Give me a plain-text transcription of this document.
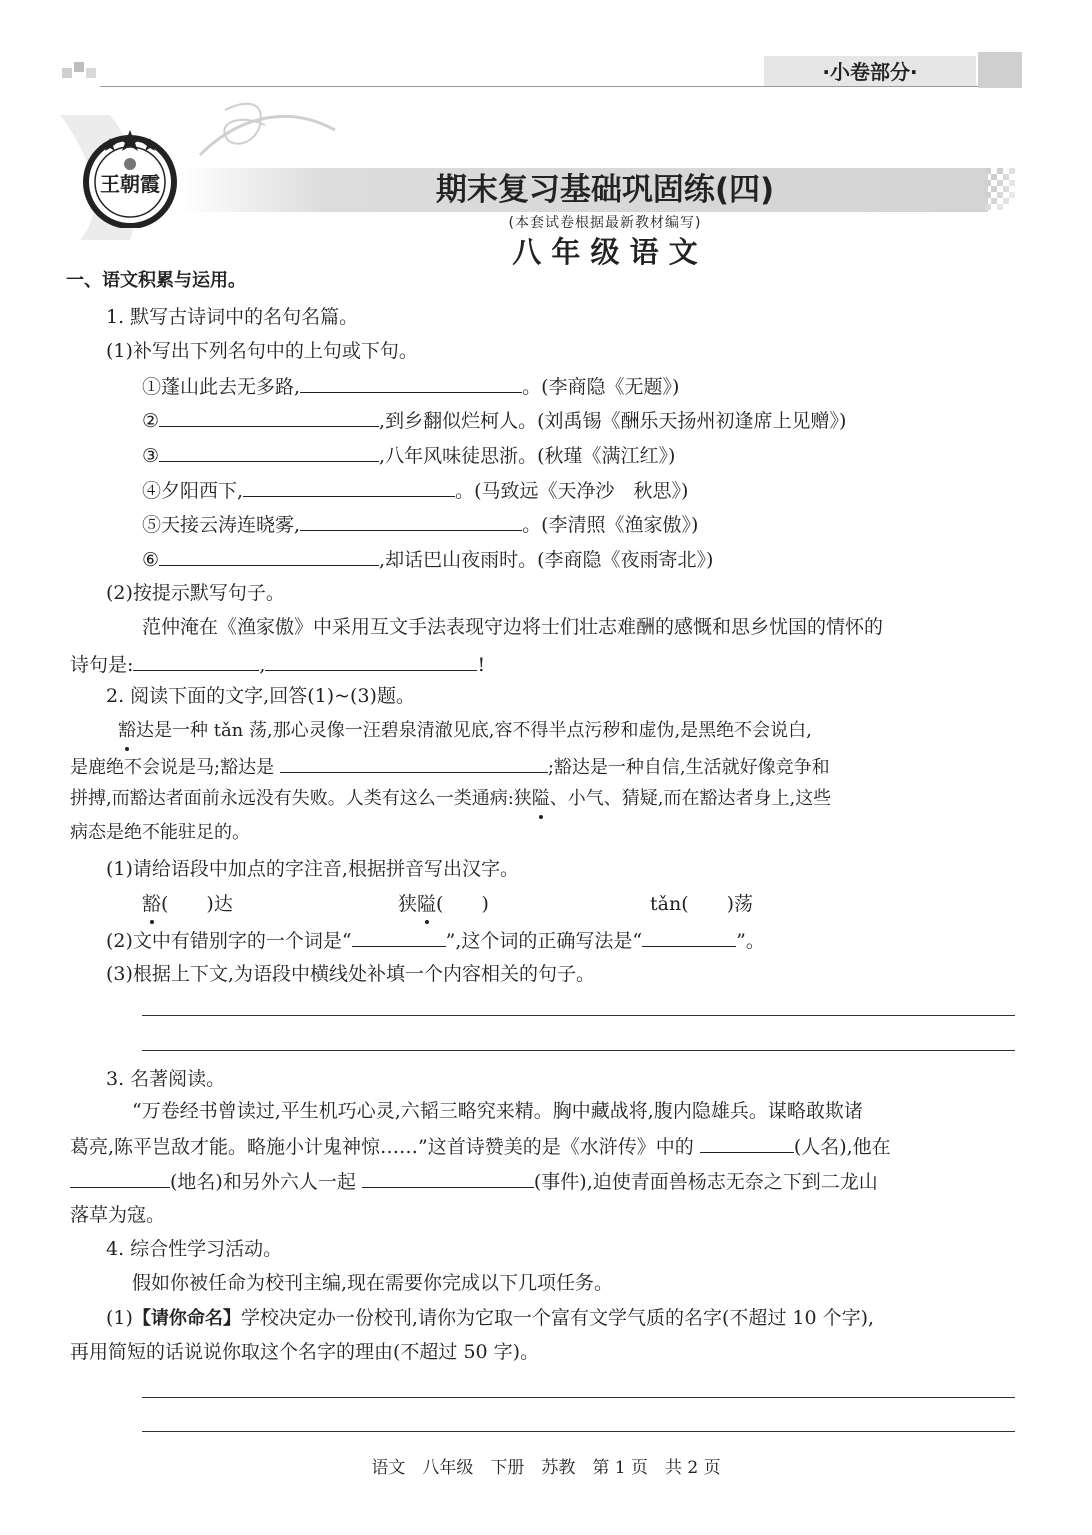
·小卷部分·
王朝霞	期末复习基础巩固练(四)
(本套试卷根据最新教材编写)
八 年 级 语 文
一、语文积累与运用。
1. 默写古诗词中的名句名篇。
(1)补写出下列名句中的上句或下句。
①蓬山此去无多路,	。(李商隐《无题》)
②	,到乡翻似烂柯人。(刘禹锡《酬乐天扬州初逢席上见赠》)
③	,八年风味徒思浙。(秋瑾《满江红》)
④夕阳西下,	。(马致远《天净沙　秋思》)
⑤天接云涛连晓雾,	。(李清照《渔家傲》)
⑥	,却话巴山夜雨时。(李商隐《夜雨寄北》)
(2)按提示默写句子。
范仲淹在《渔家傲》中采用互文手法表现守边将士们壮志难酬的感慨和思乡忧国的情怀的
诗句是:	,	!
2. 阅读下面的文字,回答(1)~(3)题。
豁达是一种 tǎn 荡,那心灵像一汪碧泉清澈见底,容不得半点污秽和虚伪,是黑绝不会说白,
是鹿绝不会说是马;豁达是	;豁达是一种自信,生活就好像竞争和
拼搏,而豁达者面前永远没有失败。人类有这么一类通病:狭隘、小气、猜疑,而在豁达者身上,这些
病态是绝不能驻足的。
(1)请给语段中加点的字注音,根据拼音写出汉字。
豁(　　)达	狭隘(　　)	tǎn(　　)荡
(2)文中有错别字的一个词是“	”,这个词的正确写法是“	”。
(3)根据上下文,为语段中横线处补填一个内容相关的句子。
3. 名著阅读。
“万卷经书曾读过,平生机巧心灵,六韬三略究来精。胸中藏战将,腹内隐雄兵。谋略敢欺诸
葛亮,陈平岂敌才能。略施小计鬼神惊……”这首诗赞美的是《水浒传》中的	(人名),他在
(地名)和另外六人一起	(事件),迫使青面兽杨志无奈之下到二龙山
落草为寇。
4. 综合性学习活动。
假如你被任命为校刊主编,现在需要你完成以下几项任务。
(1)【请你命名】学校决定办一份校刊,请你为它取一个富有文学气质的名字(不超过 10 个字),
再用简短的话说说你取这个名字的理由(不超过 50 字)。
语文　八年级　下册　苏教　第 1 页　共 2 页
